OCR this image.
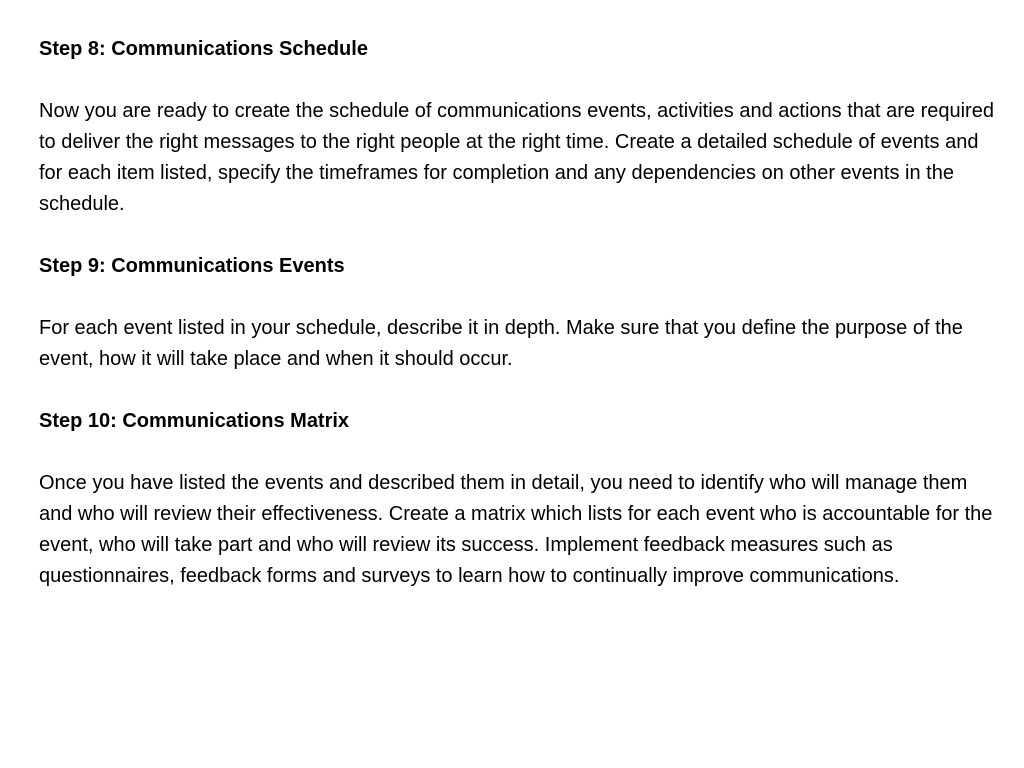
Step 8: Communications Schedule

Now you are ready to create the schedule of communications events, activities and actions that are required to deliver the right messages to the right people at the right time. Create a detailed schedule of events and for each item listed, specify the timeframes for completion and any dependencies on other events in the schedule.

Step 9: Communications Events

For each event listed in your schedule, describe it in depth. Make sure that you define the purpose of the event, how it will take place and when it should occur.

Step 10: Communications Matrix

Once you have listed the events and described them in detail, you need to identify who will manage them and who will review their effectiveness. Create a matrix which lists for each event who is accountable for the event, who will take part and who will review its success. Implement feedback measures such as questionnaires, feedback forms and surveys to learn how to continually improve communications.
